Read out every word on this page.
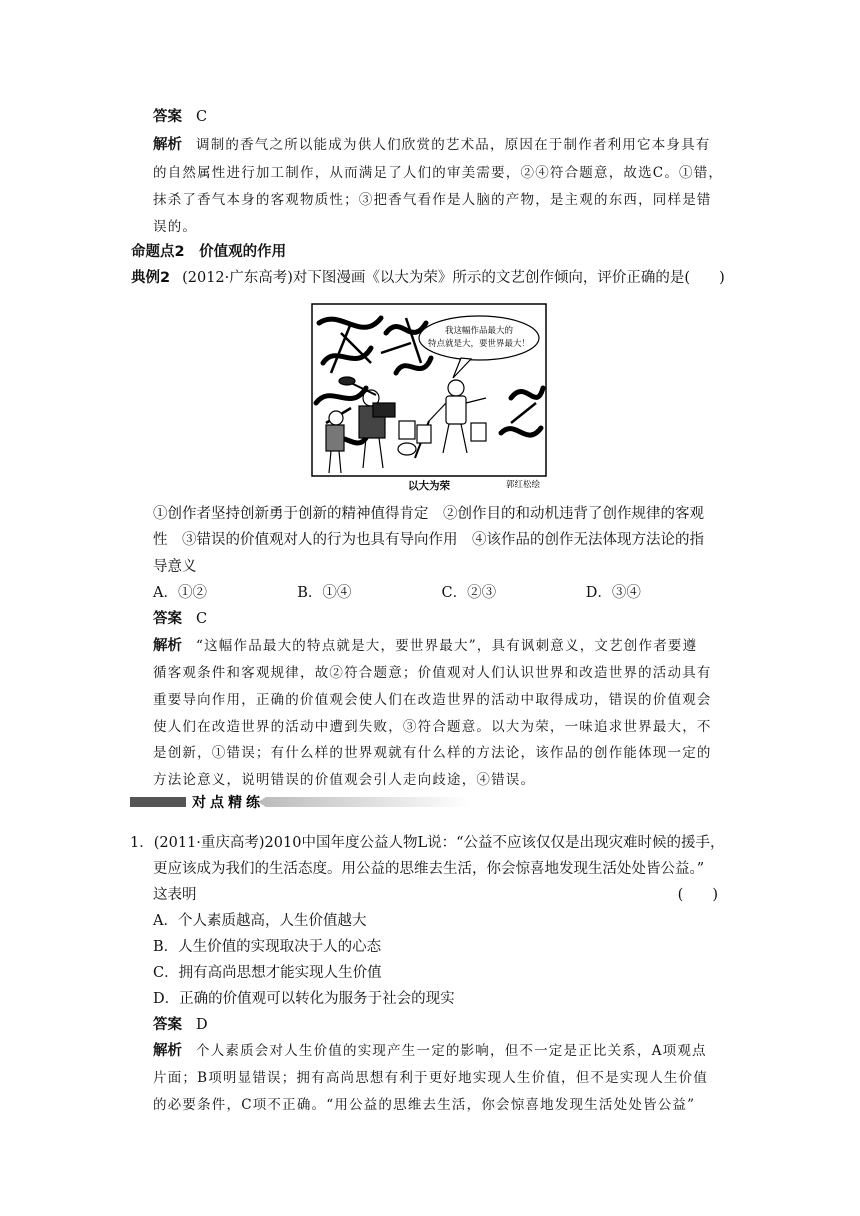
答案 C
解析 调制的香气之所以能成为供人们欣赏的艺术品，原因在于制作者利用它本身具有
的自然属性进行加工制作，从而满足了人们的审美需要，②④符合题意，故选C。①错，
抹杀了香气本身的客观物质性；③把香气看作是人脑的产物，是主观的东西，同样是错
误的。
命题点2　价值观的作用
典例2 (2012·广东高考)对下图漫画《以大为荣》所示的文艺创作倾向，评价正确的是(　　)
我这幅作品最大的
特点就是大，要世界最大！
以大为荣	郭红松绘
①创作者坚持创新勇于创新的精神值得肯定　②创作目的和动机违背了创作规律的客观
性　③错误的价值观对人的行为也具有导向作用　④该作品的创作无法体现方法论的指
导意义
A．①②	B．①④	C．②③	D．③④
答案 C
解析 “这幅作品最大的特点就是大，要世界最大”，具有讽刺意义，文艺创作者要遵
循客观条件和客观规律，故②符合题意；价值观对人们认识世界和改造世界的活动具有
重要导向作用，正确的价值观会使人们在改造世界的活动中取得成功，错误的价值观会
使人们在改造世界的活动中遭到失败，③符合题意。以大为荣，一味追求世界最大，不
是创新，①错误；有什么样的世界观就有什么样的方法论，该作品的创作能体现一定的
方法论意义，说明错误的价值观会引人走向歧途，④错误。
对点精练
1．(2011·重庆高考)2010中国年度公益人物L说：“公益不应该仅仅是出现灾难时候的援手，
更应该成为我们的生活态度。用公益的思维去生活，你会惊喜地发现生活处处皆公益。”
这表明	(　　)
A．个人素质越高，人生价值越大
B．人生价值的实现取决于人的心态
C．拥有高尚思想才能实现人生价值
D．正确的价值观可以转化为服务于社会的现实
答案 D
解析 个人素质会对人生价值的实现产生一定的影响，但不一定是正比关系，A项观点
片面；B项明显错误；拥有高尚思想有利于更好地实现人生价值，但不是实现人生价值
的必要条件，C项不正确。“用公益的思维去生活，你会惊喜地发现生活处处皆公益”
